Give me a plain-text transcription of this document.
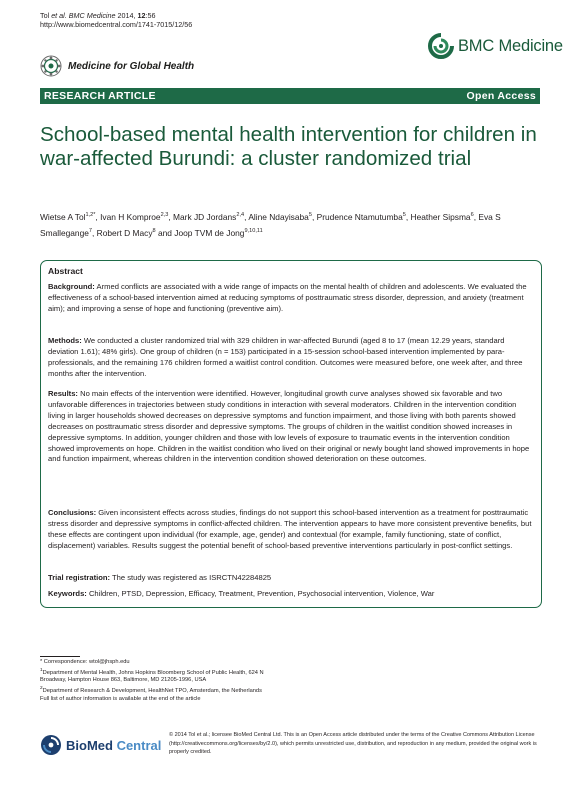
Tol et al. BMC Medicine 2014, 12:56
http://www.biomedcentral.com/1741-7015/12/56
Medicine for Global Health
BMC Medicine
RESEARCH ARTICLE	Open Access
School-based mental health intervention for children in war-affected Burundi: a cluster randomized trial
Wietse A Tol$^{1,2*}$, Ivan H Komproe$^{2,3}$, Mark JD Jordans$^{2,4}$, Aline Ndayisaba$^5$, Prudence Ntamutumba$^5$, Heather Sipsma$^6$, Eva S Smallegange$^7$, Robert D Macy$^8$ and Joop TVM de Jong$^{9,10,11}$
Abstract

Background: Armed conflicts are associated with a wide range of impacts on the mental health of children and adolescents. We evaluated the effectiveness of a school-based intervention aimed at reducing symptoms of posttraumatic stress disorder, depression, and anxiety (treatment aim); and improving a sense of hope and functioning (preventive aim).

Methods: We conducted a cluster randomized trial with 329 children in war-affected Burundi (aged 8 to 17 (mean 12.29 years, standard deviation 1.61); 48% girls). One group of children (n = 153) participated in a 15-session school-based intervention implemented by para-professionals, and the remaining 176 children formed a waitlist control condition. Outcomes were measured before, one week after, and three months after the intervention.

Results: No main effects of the intervention were identified. However, longitudinal growth curve analyses showed six favorable and two unfavorable differences in trajectories between study conditions in interaction with several moderators. Children in the intervention condition living in larger households showed decreases on depressive symptoms and function impairment, and those living with both parents showed decreases on posttraumatic stress disorder and depressive symptoms. The groups of children in the waitlist condition showed increases in depressive symptoms. In addition, younger children and those with low levels of exposure to traumatic events in the intervention condition showed improvements on hope. Children in the waitlist condition who lived on their original or newly bought land showed improvements in hope and function impairment, whereas children in the intervention condition showed deterioration on these outcomes.

Conclusions: Given inconsistent effects across studies, findings do not support this school-based intervention as a treatment for posttraumatic stress disorder and depressive symptoms in conflict-affected children. The intervention appears to have more consistent preventive benefits, but these effects are contingent upon individual (for example, age, gender) and contextual (for example, family functioning, state of conflict, displacement) variables. Results suggest the potential benefit of school-based preventive interventions particularly in post-conflict settings.

Trial registration: The study was registered as ISRCTN42284825

Keywords: Children, PTSD, Depression, Efficacy, Treatment, Prevention, Psychosocial intervention, Violence, War

* Correspondence: wtol@jhsph.edu
$^1$Department of Mental Health, Johns Hopkins Bloomberg School of Public Health, 624 N Broadway, Hampton House 863, Baltimore, MD 21205-1996, USA
$^2$Department of Research & Development, HealthNet TPO, Amsterdam, the Netherlands
Full list of author information is available at the end of the article
BioMed Central
© 2014 Tol et al.; licensee BioMed Central Ltd. This is an Open Access article distributed under the terms of the Creative Commons Attribution License (http://creativecommons.org/licenses/by/2.0), which permits unrestricted use, distribution, and reproduction in any medium, provided the original work is properly credited.
